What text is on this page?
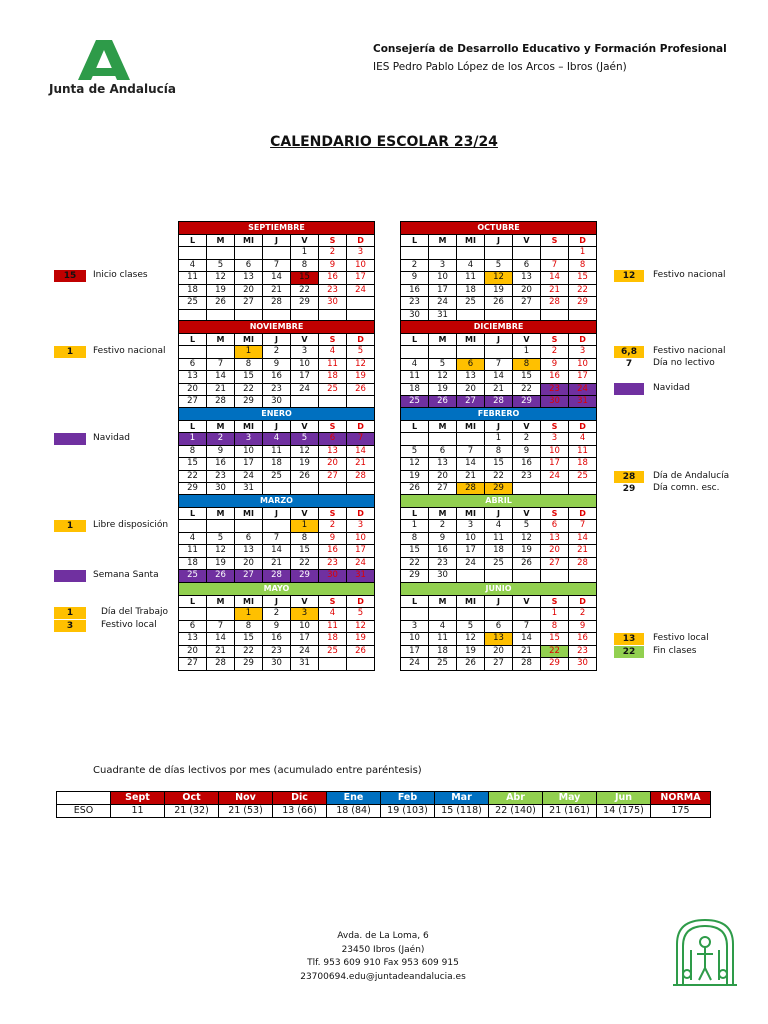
Junta de Andalucía
Consejería de Desarrollo Educativo y Formación Profesional
IES Pedro Pablo López de los Arcos – Ibros (Jaén)
CALENDARIO ESCOLAR 23/24
SEPTIEMBRE						
L	M	MI	J	V	S	D
				1	2	3
4	5	6	7	8	9	10
11	12	13	14	15	16	17
18	19	20	21	22	23	24
25	26	27	28	29	30	

OCTUBRE						
L	M	MI	J	V	S	D
						1
2	3	4	5	6	7	8
9	10	11	12	13	14	15
16	17	18	19	20	21	22
23	24	25	26	27	28	29
30	31					
NOVIEMBRE						
L	M	MI	J	V	S	D
		1	2	3	4	5
6	7	8	9	10	11	12
13	14	15	16	17	18	19
20	21	22	23	24	25	26
27	28	29	30			
DICIEMBRE						
L	M	MI	J	V	S	D
				1	2	3
4	5	6	7	8	9	10
11	12	13	14	15	16	17
18	19	20	21	22	23	24
25	26	27	28	29	30	31
ENERO						
L	M	MI	J	V	S	D
1	2	3	4	5	6	7
8	9	10	11	12	13	14
15	16	17	18	19	20	21
22	23	24	25	26	27	28
29	30	31				
FEBRERO						
L	M	MI	J	V	S	D
			1	2	3	4
5	6	7	8	9	10	11
12	13	14	15	16	17	18
19	20	21	22	23	24	25
26	27	28	29			
MARZO						
L	M	MI	J	V	S	D
				1	2	3
4	5	6	7	8	9	10
11	12	13	14	15	16	17
18	19	20	21	22	23	24
25	26	27	28	29	30	31
ABRIL						
L	M	MI	J	V	S	D
1	2	3	4	5	6	7
8	9	10	11	12	13	14
15	16	17	18	19	20	21
22	23	24	25	26	27	28
29	30					
MAYO						
L	M	MI	J	V	S	D
		1	2	3	4	5
6	7	8	9	10	11	12
13	14	15	16	17	18	19
20	21	22	23	24	25	26
27	28	29	30	31		
JUNIO						
L	M	MI	J	V	S	D
					1	2
3	4	5	6	7	8	9
10	11	12	13	14	15	16
17	18	19	20	21	22	23
24	25	26	27	28	29	30
15	Inicio clases
1	Festivo nacional
Navidad
1	Libre disposición
Semana Santa
1	Día del Trabajo
3	Festivo local
12	Festivo nacional
6,8	Festivo nacional
7	Día no lectivo
Navidad
28	Día de Andalucía
29	Día comn. esc.
13	Festivo local
22	Fin clases
Cuadrante de días lectivos por mes (acumulado entre paréntesis)
	Sept	Oct	Nov	Dic	Ene	Feb	Mar	Abr	May	Jun	NORMA
ESO	11	21 (32)	21 (53)	13 (66)	18 (84)	19 (103)	15 (118)	22 (140)	21 (161)	14 (175)	175
Avda. de La Loma, 6
23450 Ibros (Jaén)
Tlf. 953 609 910 Fax 953 609 915
23700694.edu@juntadeandalucia.es
